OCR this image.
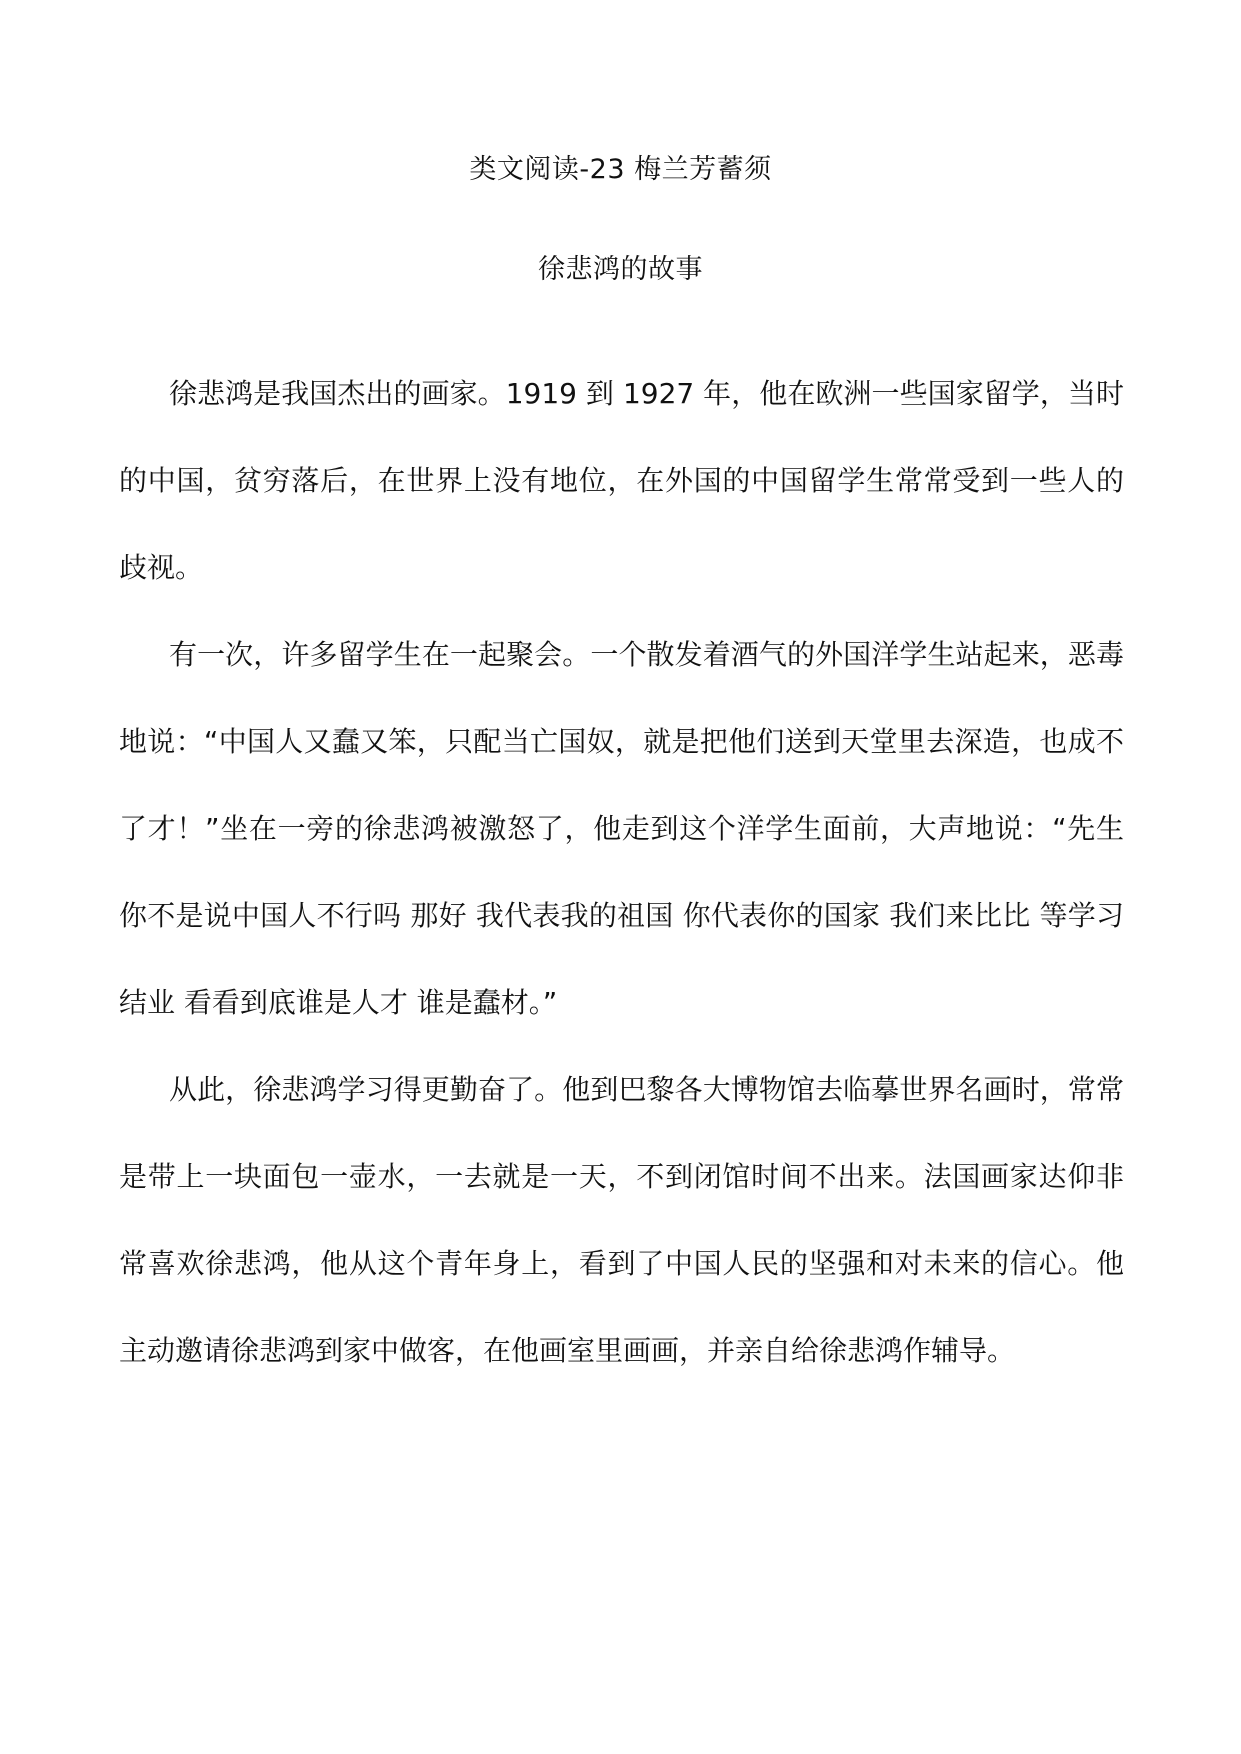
类文阅读-23 梅兰芳蓄须
徐悲鸿的故事

徐悲鸿是我国杰出的画家。1919 到 1927 年，他在欧洲一些国家留学，当时的中国，贫穷落后，在世界上没有地位，在外国的中国留学生常常受到一些人的歧视。

有一次，许多留学生在一起聚会。一个散发着酒气的外国洋学生站起来，恶毒地说：“中国人又蠢又笨，只配当亡国奴，就是把他们送到天堂里去深造，也成不了才！”坐在一旁的徐悲鸿被激怒了，他走到这个洋学生面前，大声地说：“先生 你不是说中国人不行吗 那好 我代表我的祖国 你代表你的国家 我们来比比 等学习结业 看看到底谁是人才 谁是蠢材。”

从此，徐悲鸿学习得更勤奋了。他到巴黎各大博物馆去临摹世界名画时，常常是带上一块面包一壶水，一去就是一天，不到闭馆时间不出来。法国画家达仰非常喜欢徐悲鸿，他从这个青年身上，看到了中国人民的坚强和对未来的信心。他主动邀请徐悲鸿到家中做客，在他画室里画画，并亲自给徐悲鸿作辅导。
